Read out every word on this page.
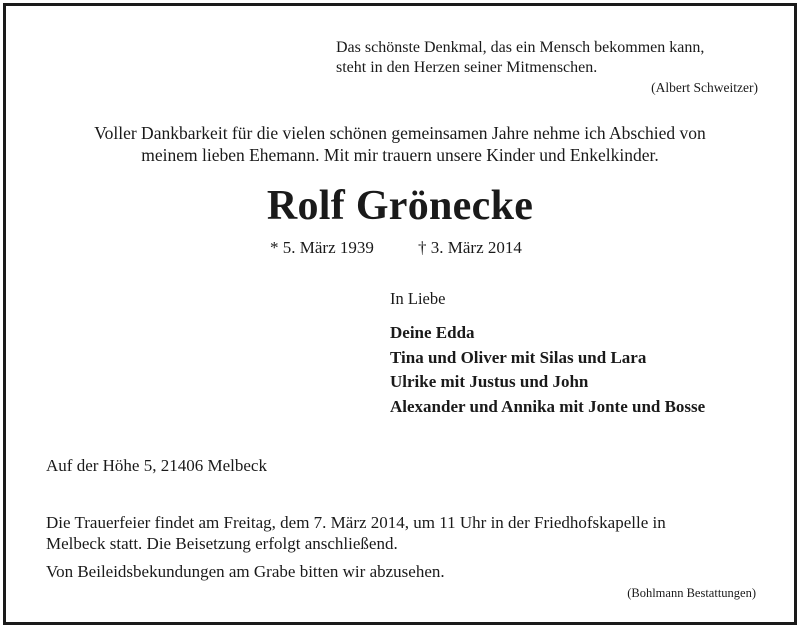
Das schönste Denkmal, das ein Mensch bekommen kann,

steht in den Herzen seiner Mitmenschen.

(Albert Schweitzer)

Voller Dankbarkeit für die vielen schönen gemeinsamen Jahre nehme ich Abschied von

meinem lieben Ehemann. Mit mir trauern unsere Kinder und Enkelkinder.

Rolf Grönecke

* 5. März 1939	† 3. März 2014

In Liebe

Deine Edda

Tina und Oliver mit Silas und Lara

Ulrike mit Justus und John

Alexander und Annika mit Jonte und Bosse

Auf der Höhe 5, 21406 Melbeck

Die Trauerfeier findet am Freitag, dem 7. März 2014, um 11 Uhr in der Friedhofskapelle in

Melbeck statt. Die Beisetzung erfolgt anschließend.

Von Beileidsbekundungen am Grabe bitten wir abzusehen.

(Bohlmann Bestattungen)
